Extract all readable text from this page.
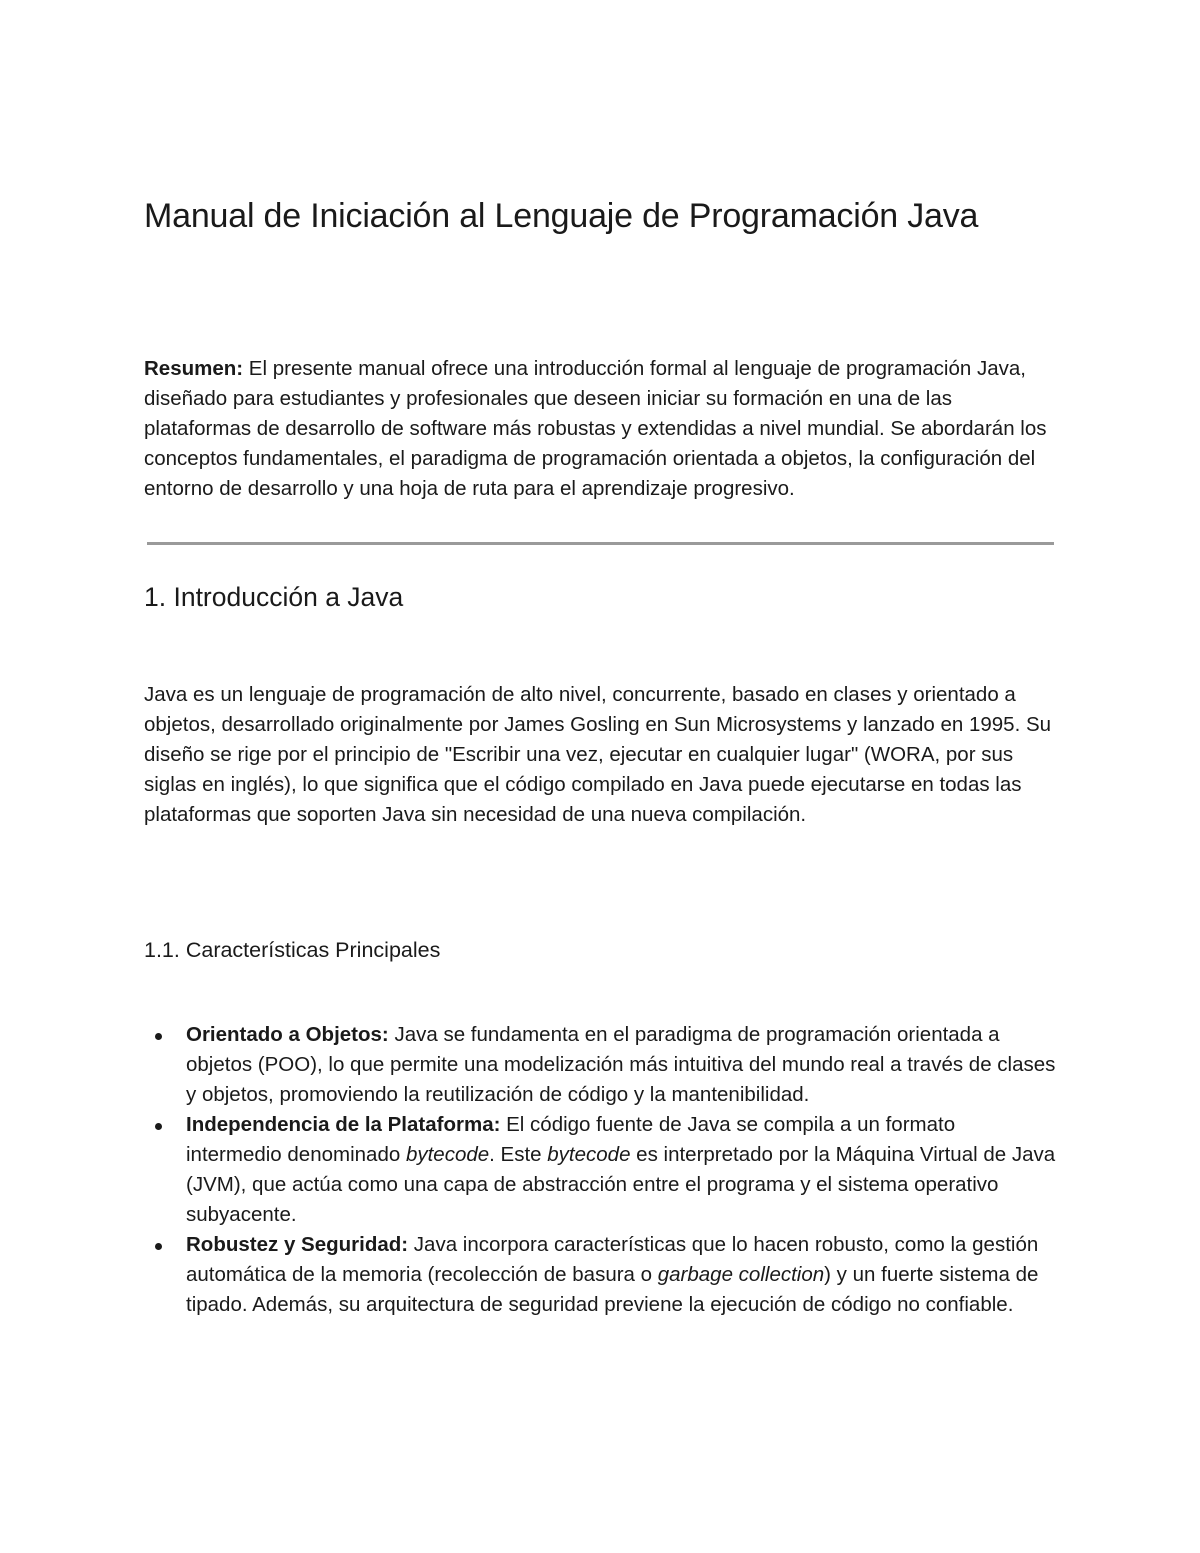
Manual de Iniciación al Lenguaje de Programación Java

Resumen: El presente manual ofrece una introducción formal al lenguaje de programación Java, diseñado para estudiantes y profesionales que deseen iniciar su formación en una de las plataformas de desarrollo de software más robustas y extendidas a nivel mundial. Se abordarán los conceptos fundamentales, el paradigma de programación orientada a objetos, la configuración del entorno de desarrollo y una hoja de ruta para el aprendizaje progresivo.

1. Introducción a Java

Java es un lenguaje de programación de alto nivel, concurrente, basado en clases y orientado a objetos, desarrollado originalmente por James Gosling en Sun Microsystems y lanzado en 1995. Su diseño se rige por el principio de "Escribir una vez, ejecutar en cualquier lugar" (WORA, por sus siglas en inglés), lo que significa que el código compilado en Java puede ejecutarse en todas las plataformas que soporten Java sin necesidad de una nueva compilación.

1.1. Características Principales
Orientado a Objetos: Java se fundamenta en el paradigma de programación orientada a objetos (POO), lo que permite una modelización más intuitiva del mundo real a través de clases y objetos, promoviendo la reutilización de código y la mantenibilidad.
Independencia de la Plataforma: El código fuente de Java se compila a un formato intermedio denominado bytecode. Este bytecode es interpretado por la Máquina Virtual de Java (JVM), que actúa como una capa de abstracción entre el programa y el sistema operativo subyacente.
Robustez y Seguridad: Java incorpora características que lo hacen robusto, como la gestión automática de la memoria (recolección de basura o garbage collection) y un fuerte sistema de tipado. Además, su arquitectura de seguridad previene la ejecución de código no confiable.
